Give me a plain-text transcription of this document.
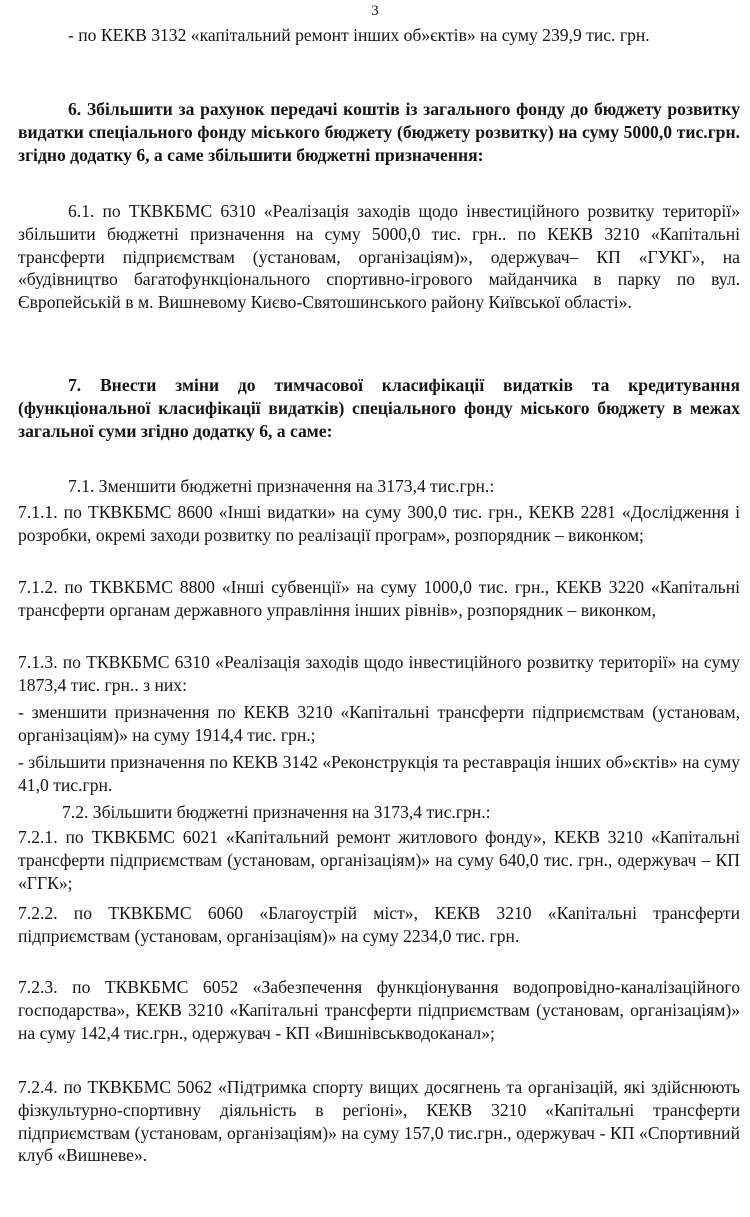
3
- по КЕКВ 3132 «капітальний ремонт інших об»єктів» на суму 239,9 тис. грн.
6. Збільшити за рахунок передачі коштів із загального фонду до бюджету розвитку видатки спеціального фонду міського бюджету (бюджету розвитку) на суму 5000,0 тис.грн. згідно додатку 6, а саме збільшити бюджетні призначення:
6.1. по ТКВКБМС 6310 «Реалізація заходів щодо інвестиційного розвитку території» збільшити бюджетні призначення на суму 5000,0 тис. грн.. по КЕКВ 3210 «Капітальні трансферти підприємствам (установам, організаціям)», одержувач– КП «ГУКГ», на «будівництво багатофункціонального спортивно-ігрового майданчика в парку по вул. Європейській в м. Вишневому Києво-Святошинського району Київської області».
7. Внести зміни до тимчасової класифікації видатків та кредитування (функціональної класифікації видатків) спеціального фонду міського бюджету в межах загальної суми згідно додатку 6, а саме:
7.1. Зменшити бюджетні призначення на 3173,4 тис.грн.:
7.1.1. по ТКВКБМС 8600 «Інші видатки» на суму 300,0 тис. грн., КЕКВ 2281 «Дослідження і розробки, окремі заходи розвитку по реалізації програм», розпорядник – виконком;
7.1.2. по ТКВКБМС 8800 «Інші субвенції» на суму 1000,0 тис. грн., КЕКВ 3220 «Капітальні трансферти органам державного управління інших рівнів», розпорядник – виконком,
7.1.3. по ТКВКБМС 6310 «Реалізація заходів щодо інвестиційного розвитку території» на суму 1873,4 тис. грн.. з них:
- зменшити призначення по КЕКВ 3210 «Капітальні трансферти підприємствам (установам, організаціям)» на суму 1914,4 тис. грн.;
- збільшити призначення по КЕКВ 3142 «Реконструкція та реставрація інших об»єктів» на суму 41,0 тис.грн.
7.2. Збільшити бюджетні призначення на 3173,4 тис.грн.:
7.2.1. по ТКВКБМС 6021 «Капітальний ремонт житлового фонду», КЕКВ 3210 «Капітальні трансферти підприємствам (установам, організаціям)» на суму 640,0 тис. грн., одержувач – КП «ГГК»;
7.2.2. по ТКВКБМС 6060 «Благоустрій міст», КЕКВ 3210 «Капітальні трансферти підприємствам (установам, організаціям)» на суму 2234,0 тис. грн.
7.2.3. по ТКВКБМС 6052 «Забезпечення функціонування водопровідно-каналізаційного господарства», КЕКВ 3210 «Капітальні трансферти підприємствам (установам, організаціям)» на суму 142,4 тис.грн., одержувач - КП «Вишнівськводоканал»;
7.2.4. по ТКВКБМС 5062 «Підтримка спорту вищих досягнень та організацій, які здійснюють фізкультурно-спортивну діяльність в регіоні», КЕКВ 3210 «Капітальні трансферти підприємствам (установам, організаціям)» на суму 157,0 тис.грн., одержувач - КП «Спортивний клуб «Вишневе».
